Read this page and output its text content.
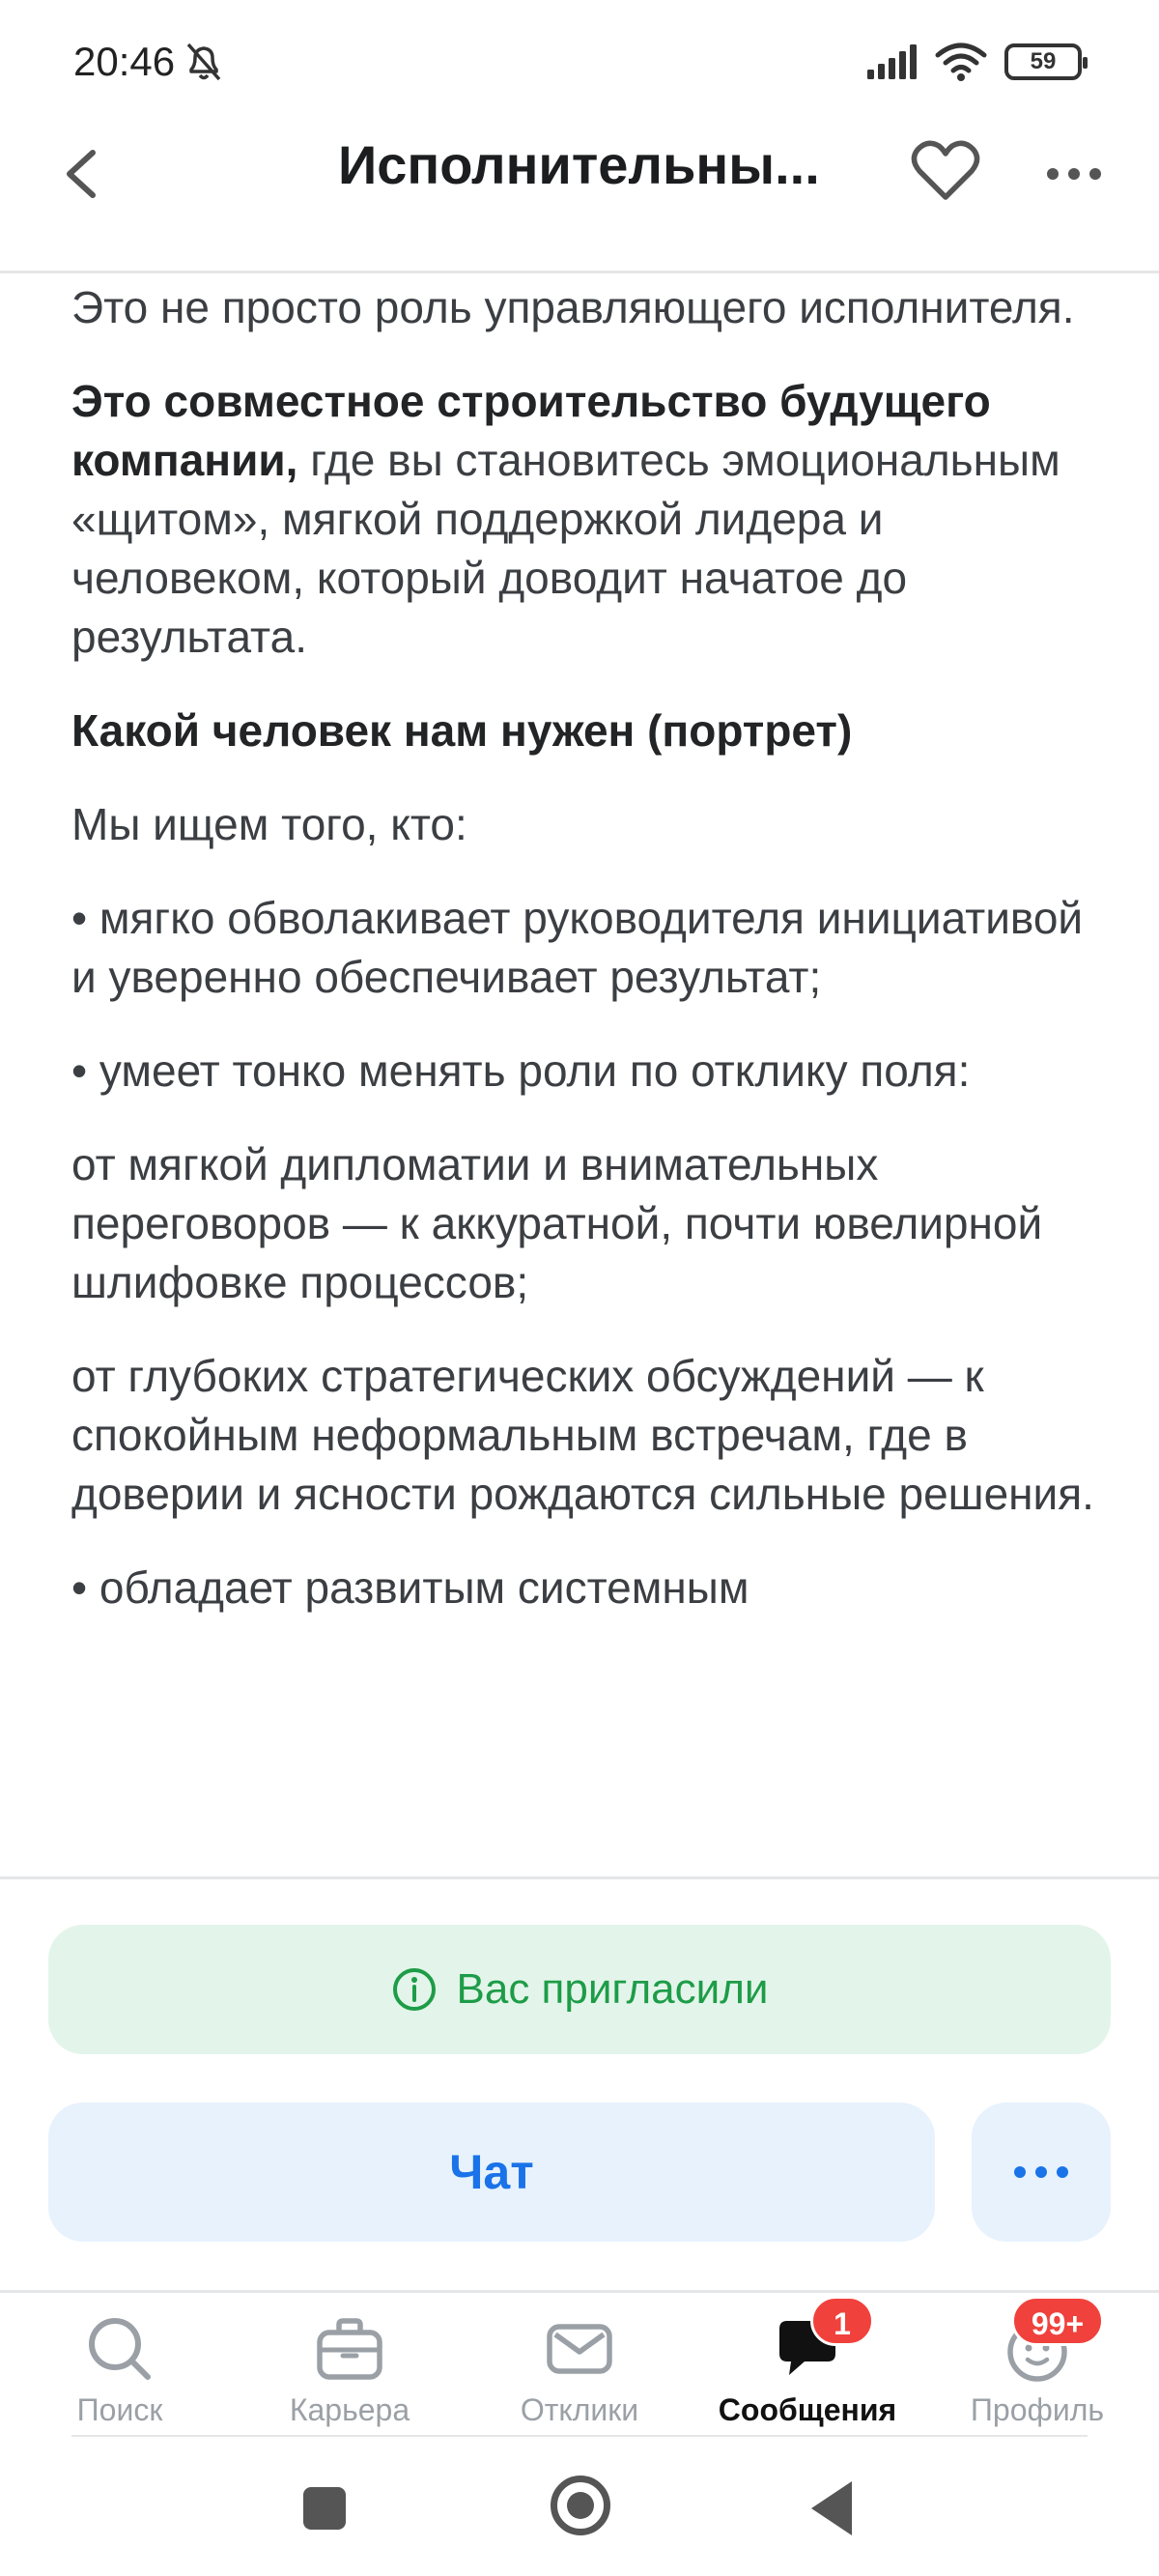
20:46	59
Исполнительны...

Это не просто роль управляющего исполнителя.

Это совместное строительство будущего компании, где вы становитесь эмоциональным «щитом», мягкой поддержкой лидера и человеком, который доводит начатое до результата.

Какой человек нам нужен (портрет)

Мы ищем того, кто:

• мягко обволакивает руководителя инициативой и уверенно обеспечивает результат;

• умеет тонко менять роли по отклику поля:

от мягкой дипломатии и внимательных переговоров — к аккуратной, почти ювелирной шлифовке процессов;

от глубоких стратегических обсуждений — к спокойным неформальным встречам, где в доверии и ясности рождаются сильные решения.

• обладает развитым системным

Вас пригласили
Чат
Поиск	Карьера	Отклики
1
Сообщения
99+
Профиль
